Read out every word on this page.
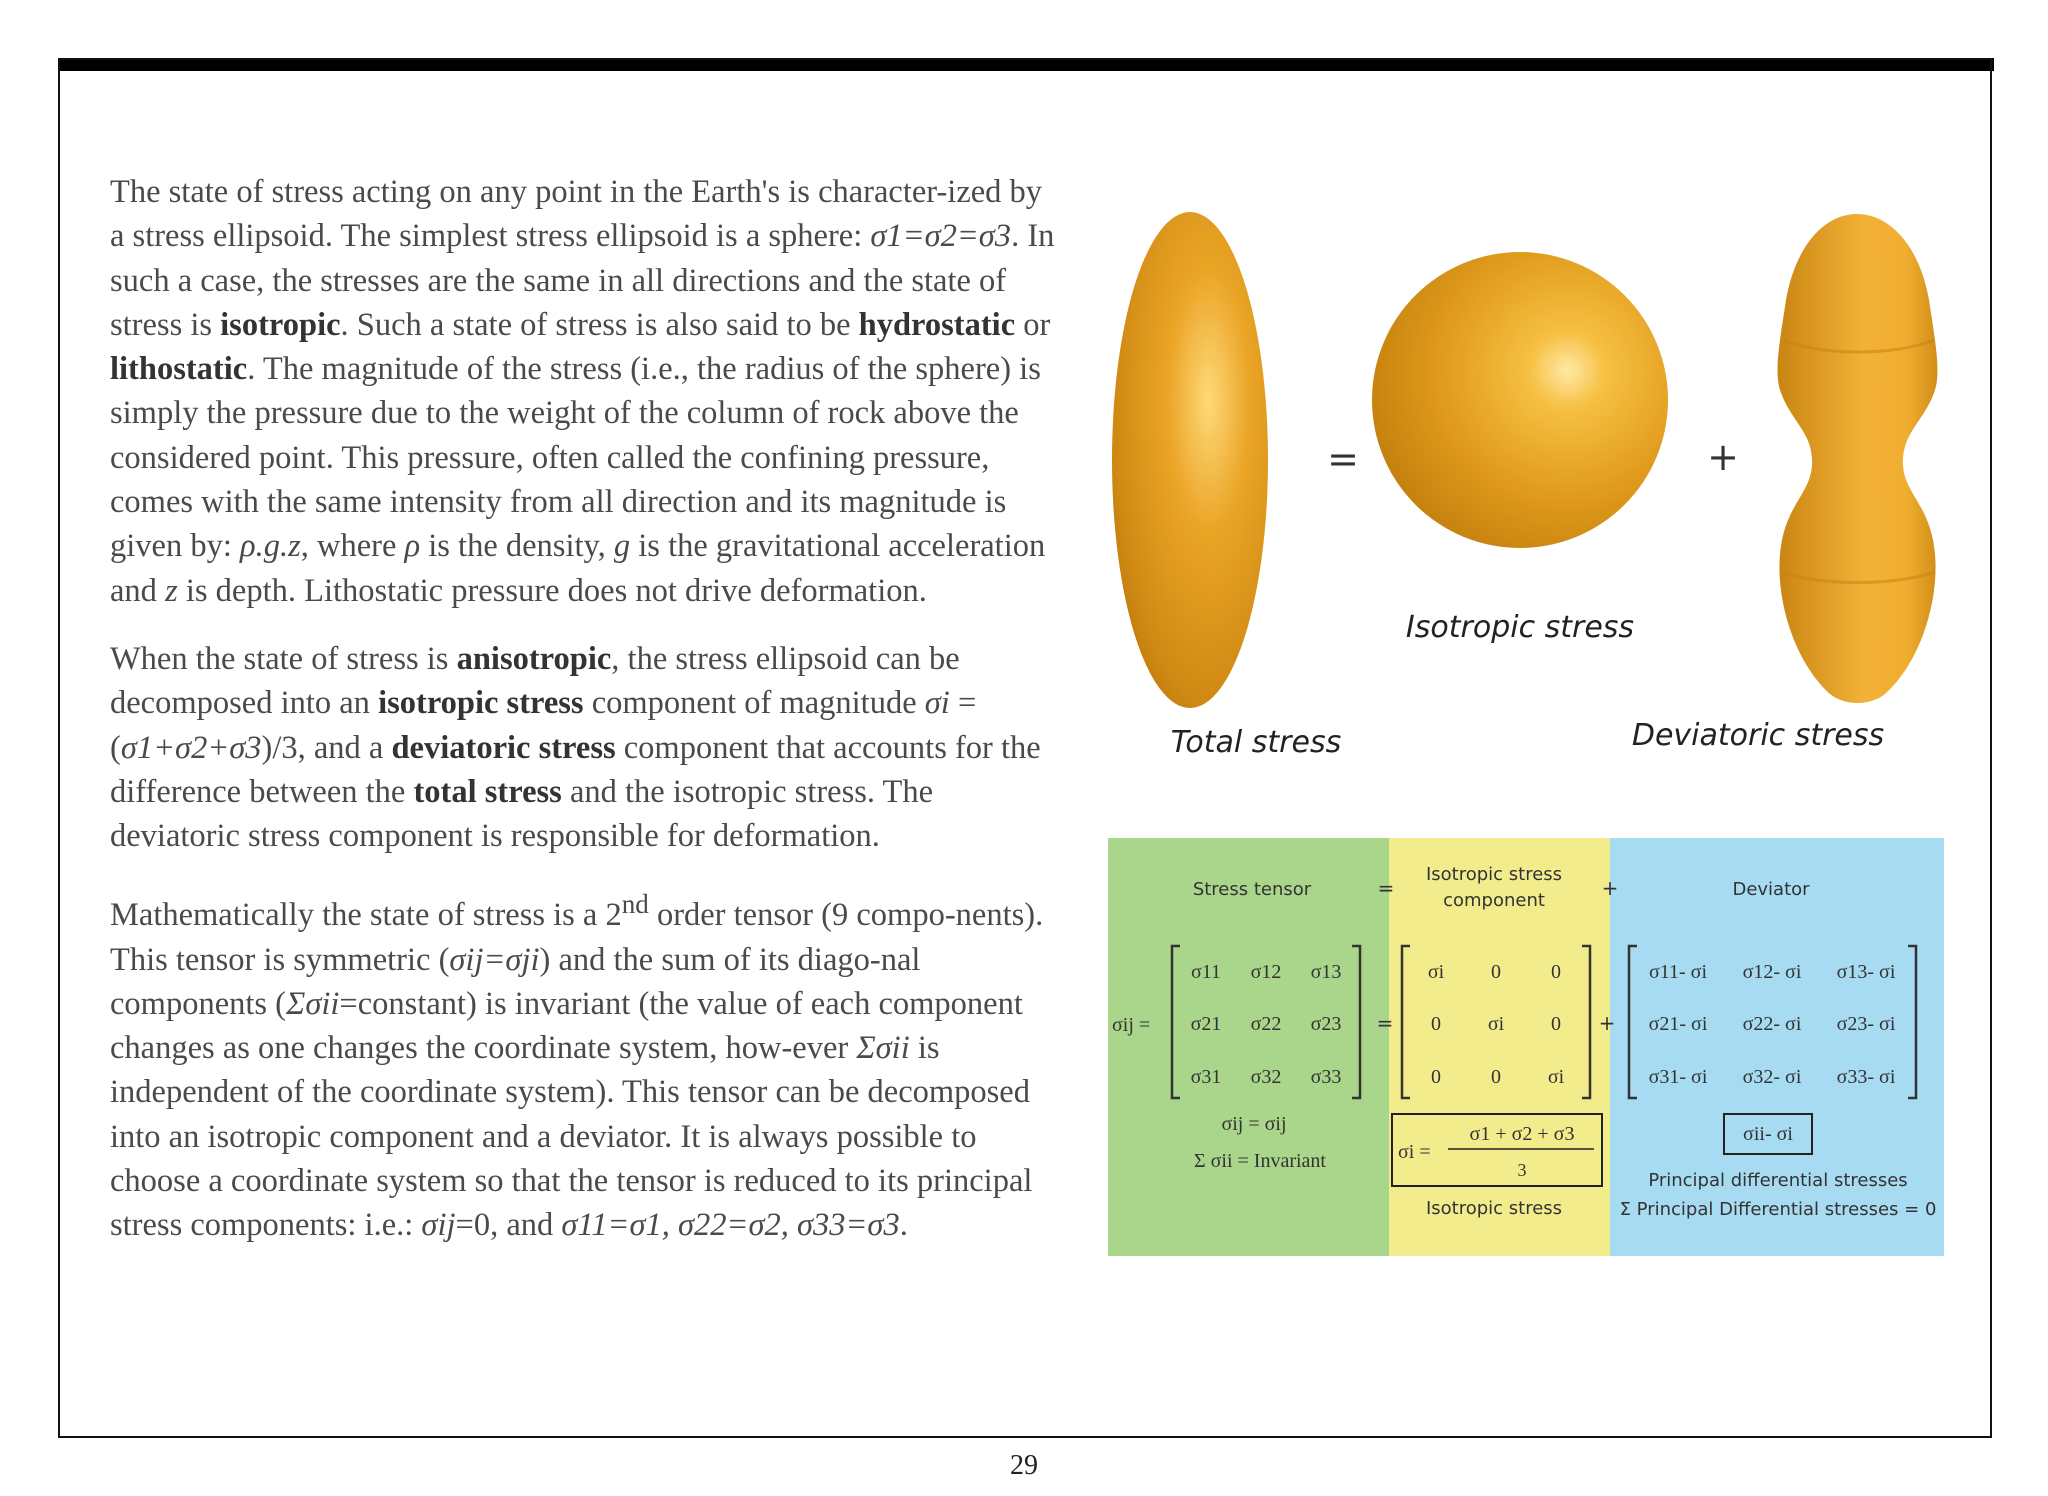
The state of stress acting on any point in the Earth's is character-ized by a stress ellipsoid. The simplest stress ellipsoid is a sphere: σ1=σ2=σ3. In such a case, the stresses are the same in all directions and the state of stress is isotropic. Such a state of stress is also said to be hydrostatic or lithostatic. The magnitude of the stress (i.e., the radius of the sphere) is simply the pressure due to the weight of the column of rock above the considered point. This pressure, often called the confining pressure, comes with the same intensity from all direction and its magnitude is given by: ρ.g.z, where ρ is the density, g is the gravitational acceleration and z is depth. Lithostatic pressure does not drive deformation.

When the state of stress is anisotropic, the stress ellipsoid can be decomposed into an isotropic stress component of magnitude σi = (σ1+σ2+σ3)/3, and a deviatoric stress component that accounts for the difference between the total stress and the isotropic stress. The deviatoric stress component is responsible for deformation.

Mathematically the state of stress is a 2nd order tensor (9 compo-nents). This tensor is symmetric (σij=σji) and the sum of its diago-nal components (Σσii=constant) is invariant (the value of each component changes as one changes the coordinate system, how-ever Σσii is independent of the coordinate system). This tensor can be decomposed into an isotropic component and a deviator. It is always possible to choose a coordinate system so that the tensor is reduced to its principal stress components: i.e.: σij=0, and σ11=σ1, σ22=σ2, σ33=σ3.

=	+
Isotropic stress
Total stress	Deviatoric stress
Stress tensor	=
Isotropic stress
component
+	Deviator
σij =
σ11 σ12 σ13
σ21 σ22 σ23
σ31 σ32 σ33
=
σi 0	0
0 σi 0
0	0 σi
+
σ11- σi σ12- σi σ13- σi
σ21- σi σ22- σi σ23- σi
σ31- σi σ32- σi σ33- σi
σij = σij
Σ σii = Invariant	σi =
σ1 + σ2 + σ3
3
Isotropic stress
σii- σi
Principal differential stresses
Σ Principal Differential stresses = 0
29
